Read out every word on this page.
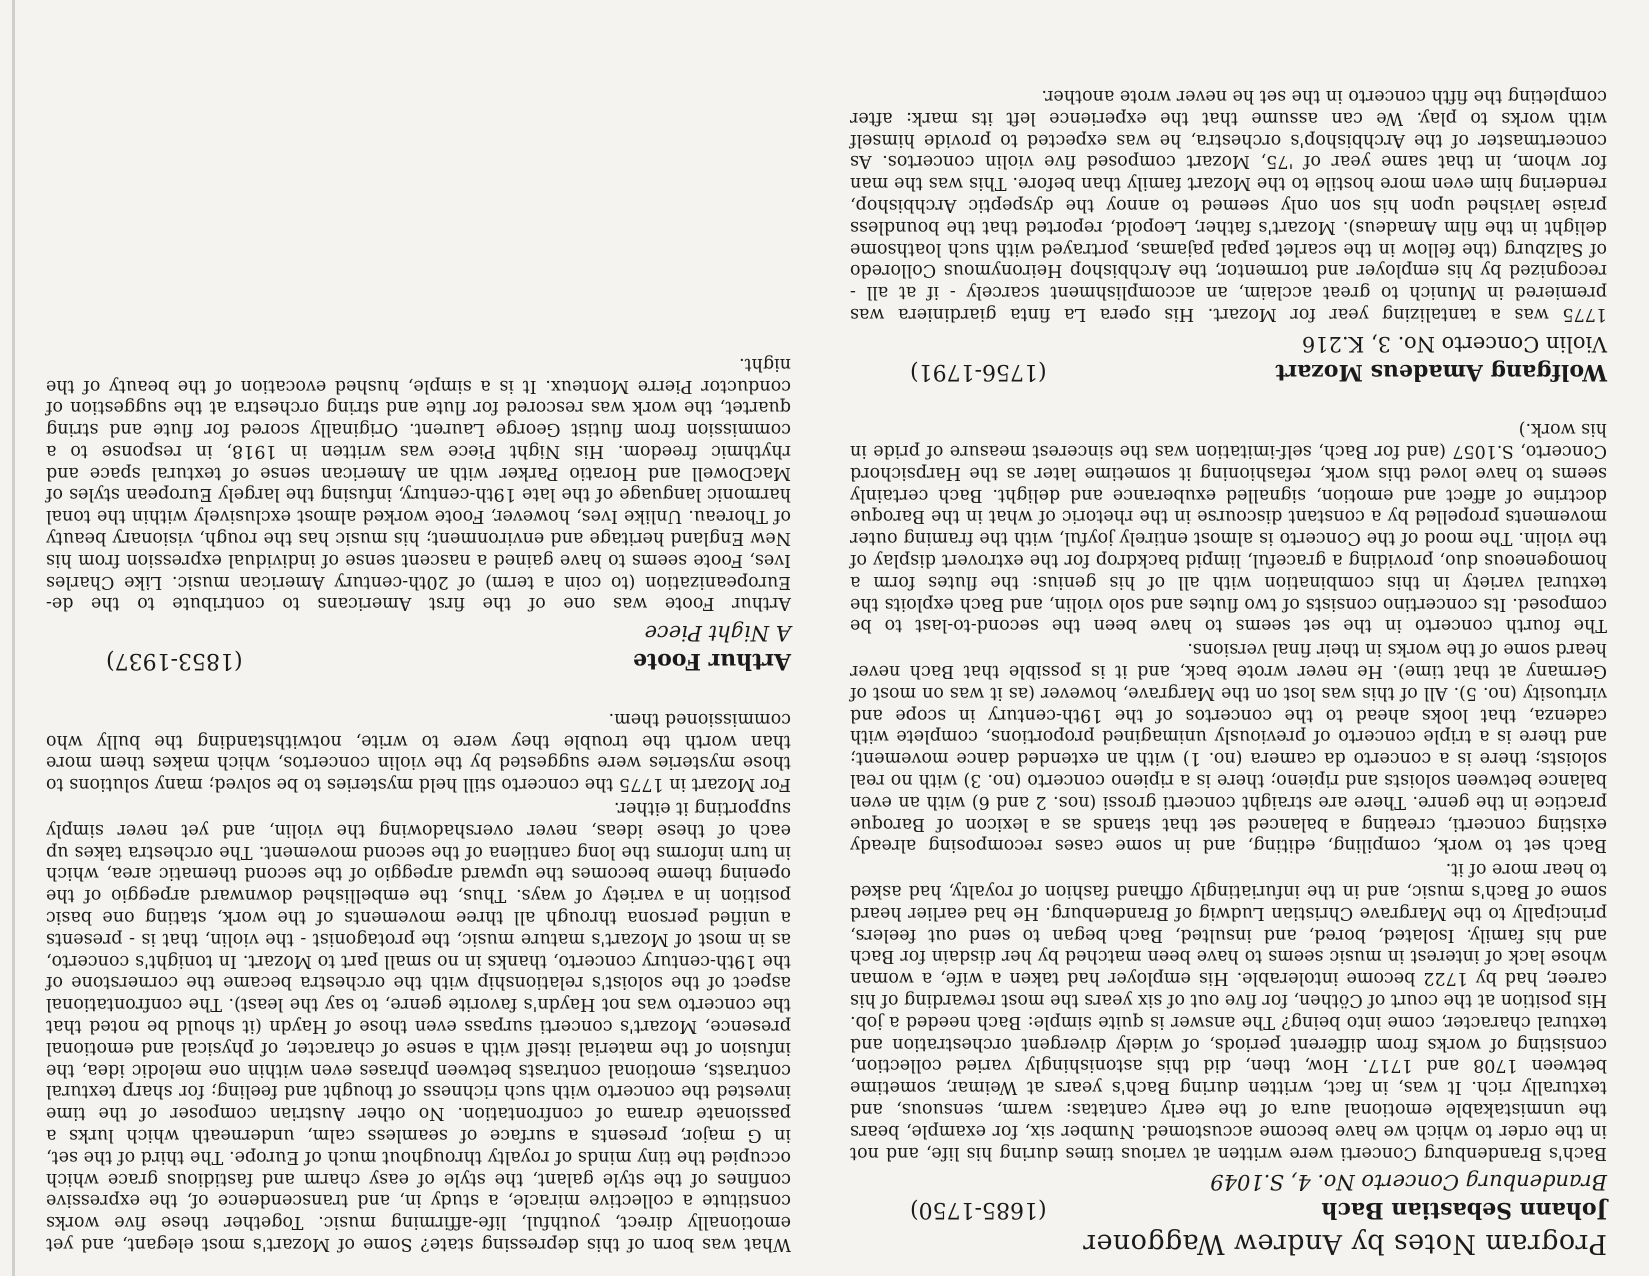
Program Notes by Andrew Waggoner
Johann Sebastian Bach
(1685-1750)
Brandenburg Concerto No. 4, S.1049

Bach's Brandenburg Concerti were written at various times during his life, and not in the order to which we have become accustomed. Number six, for example, bears the unmistakable emotional aura of the early cantatas: warm, sensuous, and texturally rich. It was, in fact, written during Bach's years at Weimar, sometime between 1708 and 1717. How, then, did this astonishingly varied collection, consisting of works from different periods, of widely divergent orchestration and textural character, come into being? The answer is quite simple: Bach needed a job. His position at the court of Cöthen, for five out of six years the most rewarding of his career, had by 1722 become intolerable. His employer had taken a wife, a woman whose lack of interest in music seems to have been matched by her disdain for Bach and his family. Isolated, bored, and insulted, Bach began to send out feelers, principally to the Margrave Christian Ludwig of Brandenburg. He had earlier heard some of Bach's music, and in the infuriatingly offhand fashion of royalty, had asked to hear more of it.

Bach set to work, compiling, editing, and in some cases recomposing already existing concerti, creating a balanced set that stands as a lexicon of Baroque practice in the genre. There are straight concerti grossi (nos. 2 and 6) with an even balance between soloists and ripieno; there is a ripieno concerto (no. 3) with no real soloists; there is a concerto da camera (no. 1) with an extended dance movement; and there is a triple concerto of previously unimagined proportions, complete with cadenza, that looks ahead to the concertos of the 19th-century in scope and virtuosity (no. 5). All of this was lost on the Margrave, however (as it was on most of Germany at that time). He never wrote back, and it is possible that Bach never heard some of the works in their final versions.

The fourth concerto in the set seems to have been the second-to-last to be composed. Its concertino consists of two flutes and solo violin, and Bach exploits the textural variety in this combination with all of his genius: the flutes form a homogeneous duo, providing a graceful, limpid backdrop for the extrovert display of the violin. The mood of the Concerto is almost entirely joyful, with the framing outer movements propelled by a constant discourse in the rhetoric of what in the Baroque doctrine of affect and emotion, signalled exuberance and delight. Bach certainly seems to have loved this work, refashioning it sometime later as the Harpsichord Concerto, S.1057 (and for Bach, self-imitation was the sincerest measure of pride in his work.)

Wolfgang Amadeus Mozart
(1756-1791)
Violin Concerto No. 3, K.216

1775 was a tantalizing year for Mozart. His opera La finta giardiniera was premiered in Munich to great acclaim, an accomplishment scarcely - if at all - recognized by his employer and tormentor, the Archbishop Heironymous Colloredo of Salzburg (the fellow in the scarlet papal pajamas, portrayed with such loathsome delight in the film Amadeus). Mozart's father, Leopold, reported that the boundless praise lavished upon his son only seemed to annoy the dyspeptic Archbishop, rendering him even more hostile to the Mozart family than before. This was the man for whom, in that same year of '75, Mozart composed five violin concertos. As concertmaster of the Archbishop's orchestra, he was expected to provide himself with works to play. We can assume that the experience left its mark: after completing the fifth concerto in the set he never wrote another.

What was born of this depressing state? Some of Mozart's most elegant, and yet emotionally direct, youthful, life-affirming music. Together these five works constitute a collective miracle, a study in, and transcendence of, the expressive confines of the style galant, the style of easy charm and fastidious grace which occupied the tiny minds of royalty throughout much of Europe. The third of the set, in G major, presents a surface of seamless calm, underneath which lurks a passionate drama of confrontation. No other Austrian composer of the time invested the concerto with such richness of thought and feeling; for sharp textural contrasts, emotional contrasts between phrases even within one melodic idea, the infusion of the material itself with a sense of character, of physical and emotional presence, Mozart's concerti surpass even those of Haydn (it should be noted that the concerto was not Haydn's favorite genre, to say the least). The confrontational aspect of the soloist's relationship with the orchestra became the cornerstone of the 19th-century concerto, thanks in no small part to Mozart. In tonight's concerto, as in most of Mozart's mature music, the protagonist - the violin, that is - presents a unified persona through all three movements of the work, stating one basic position in a variety of ways. Thus, the embellished downward arpeggio of the opening theme becomes the upward arpeggio of the second thematic area, which in turn informs the long cantilena of the second movement. The orchestra takes up each of these ideas, never overshadowing the violin, and yet never simply supporting it either.

For Mozart in 1775 the concerto still held mysteries to be solved; many solutions to those mysteries were suggested by the violin concertos, which makes them more than worth the trouble they were to write, notwithstanding the bully who commissioned them.

Arthur Foote
(1853-1937)
A Night Piece

Arthur Foote was one of the first Americans to contribute to the de-Europeanization (to coin a term) of 20th-century American music. Like Charles Ives, Foote seems to have gained a nascent sense of individual expression from his New England heritage and environment; his music has the rough, visionary beauty of Thoreau. Unlike Ives, however, Foote worked almost exclusively within the tonal harmonic language of the late 19th-century, infusing the largely European styles of MacDowell and Horatio Parker with an American sense of textural space and rhythmic freedom. His Night Piece was written in 1918, in response to a commission from flutist George Laurent. Originally scored for flute and string quartet, the work was rescored for flute and string orchestra at the suggestion of conductor Pierre Monteux. It is a simple, hushed evocation of the beauty of the night.
